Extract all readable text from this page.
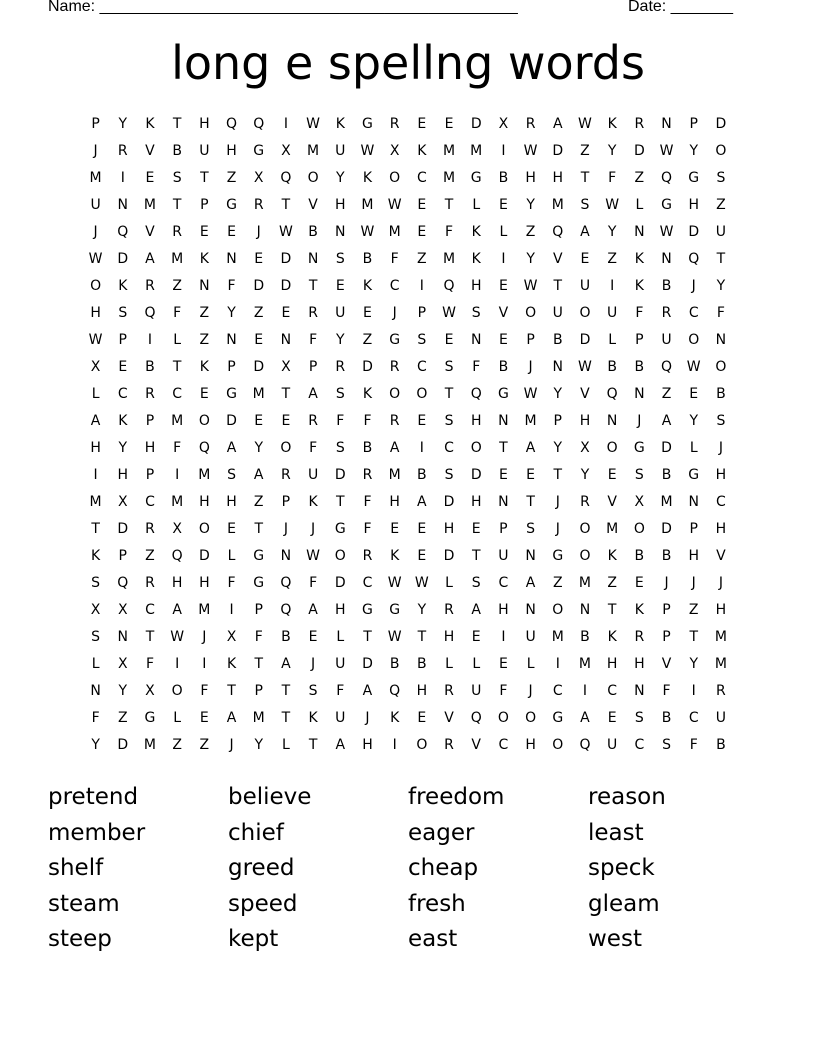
Name: _______________________________________________	Date: _______
long e spellng words
P	Y	K	T	H	Q	Q	I	W	K	G	R	E	E	D	X	R	A	W	K	R	N	P	D
J	R	V	B	U	H	G	X	M	U	W	X	K	M	M	I	W	D	Z	Y	D	W	Y	O
M	I	E	S	T	Z	X	Q	O	Y	K	O	C	M	G	B	H	H	T	F	Z	Q	G	S
U	N	M	T	P	G	R	T	V	H	M	W	E	T	L	E	Y	M	S	W	L	G	H	Z
J	Q	V	R	E	E	J	W	B	N	W	M	E	F	K	L	Z	Q	A	Y	N	W	D	U
W	D	A	M	K	N	E	D	N	S	B	F	Z	M	K	I	Y	V	E	Z	K	N	Q	T
O	K	R	Z	N	F	D	D	T	E	K	C	I	Q	H	E	W	T	U	I	K	B	J	Y
H	S	Q	F	Z	Y	Z	E	R	U	E	J	P	W	S	V	O	U	O	U	F	R	C	F
W	P	I	L	Z	N	E	N	F	Y	Z	G	S	E	N	E	P	B	D	L	P	U	O	N
X	E	B	T	K	P	D	X	P	R	D	R	C	S	F	B	J	N	W	B	B	Q	W	O
L	C	R	C	E	G	M	T	A	S	K	O	O	T	Q	G	W	Y	V	Q	N	Z	E	B
A	K	P	M	O	D	E	E	R	F	F	R	E	S	H	N	M	P	H	N	J	A	Y	S
H	Y	H	F	Q	A	Y	O	F	S	B	A	I	C	O	T	A	Y	X	O	G	D	L	J
I	H	P	I	M	S	A	R	U	D	R	M	B	S	D	E	E	T	Y	E	S	B	G	H
M	X	C	M	H	H	Z	P	K	T	F	H	A	D	H	N	T	J	R	V	X	M	N	C
T	D	R	X	O	E	T	J	J	G	F	E	E	H	E	P	S	J	O	M	O	D	P	H
K	P	Z	Q	D	L	G	N	W	O	R	K	E	D	T	U	N	G	O	K	B	B	H	V
S	Q	R	H	H	F	G	Q	F	D	C	W W	L	S	C	A	Z	M	Z	E	J	J	J
X	X	C	A	M	I	P	Q	A	H	G	G	Y	R	A	H	N	O	N	T	K	P	Z	H
S	N	T	W	J	X	F	B	E	L	T	W	T	H	E	I	U	M	B	K	R	P	T	M
L	X	F	I	I	K	T	A	J	U	D	B	B	L	L	E	L	I	M	H	H	V	Y	M
N	Y	X	O	F	T	P	T	S	F	A	Q	H	R	U	F	J	C	I	C	N	F	I	R
F	Z	G	L	E	A	M	T	K	U	J	K	E	V	Q	O	O	G	A	E	S	B	C	U
Y	D	M	Z	Z	J	Y	L	T	A	H	I	O	R	V	C	H	O	Q	U	C	S	F	B
pretend	believe	freedom	reason
member	chief	eager	least
shelf	greed	cheap	speck
steam	speed	fresh	gleam
steep	kept	east	west
